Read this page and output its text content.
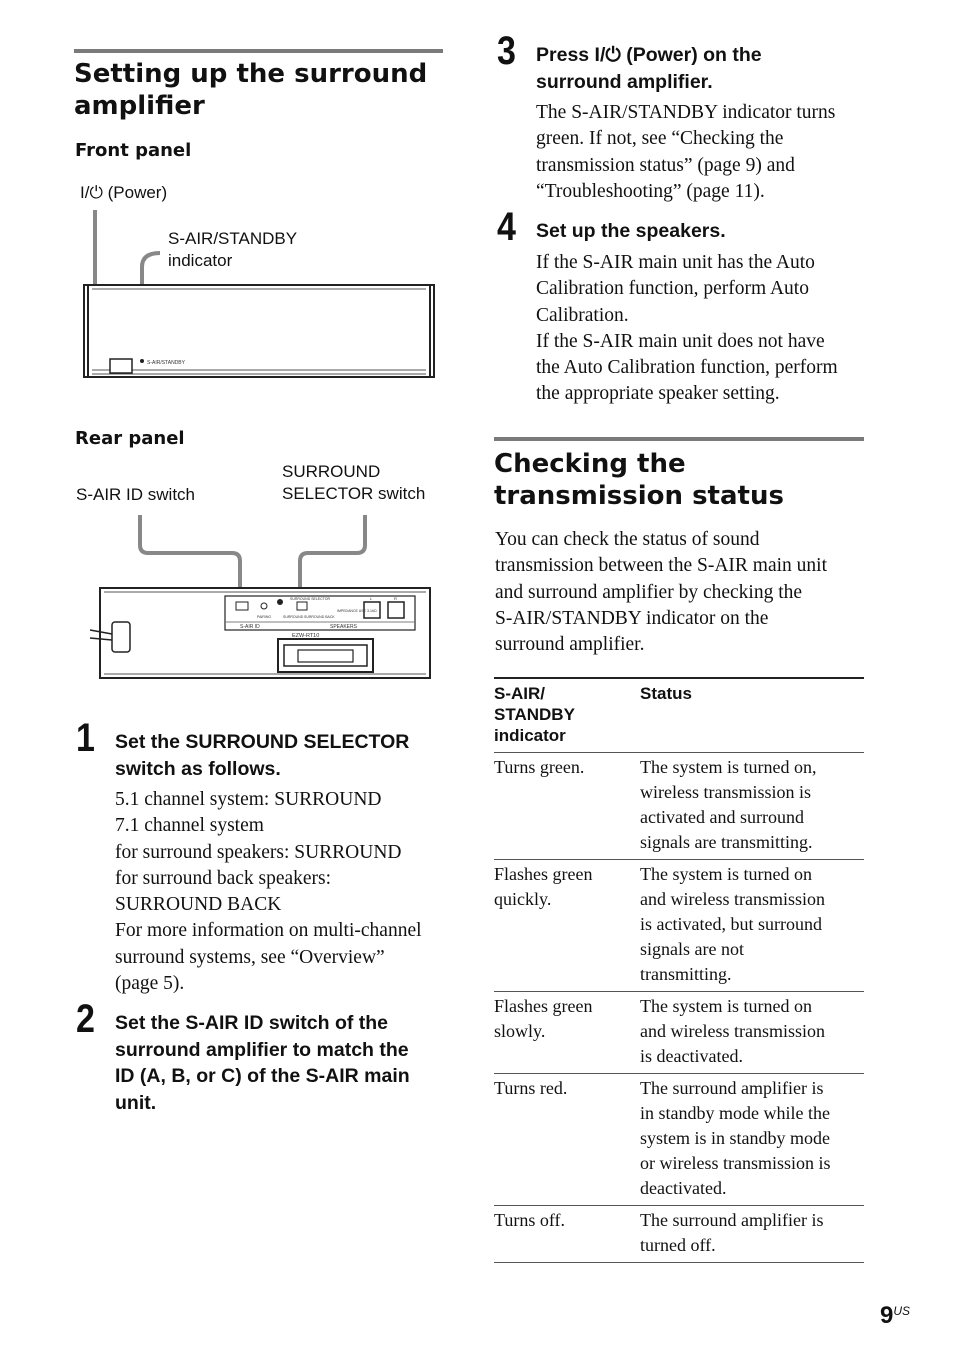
Setting up the surround
amplifier
Front panel
S-AIR/STANDBY
I/⏻ (Power)
S-AIR/STANDBY
indicator
Rear panel
SURROUND
SELECTOR switch
S-AIR ID switch
S-AIR ID	SPEAKERS
SURROUND SELECTOR
PAIRING	SURROUND SURROUND BACK
IMPEDANCE USE 3-16Ω
L	R
EZW-RT10
1 Set the SURROUND SELECTOR
switch as follows.
5.1 channel system: SURROUND
7.1 channel system
for surround speakers: SURROUND
for surround back speakers:
SURROUND BACK
For more information on multi-channel
surround systems, see “Overview”
(page 5).
2 Set the S-AIR ID switch of the
surround amplifier to match the
ID (A, B, or C) of the S-AIR main
unit.
3 Press I/⏻ (Power) on the
surround amplifier.
The S-AIR/STANDBY indicator turns
green. If not, see “Checking the
transmission status” (page 9) and
“Troubleshooting” (page 11).
4 Set up the speakers.
If the S-AIR main unit has the Auto
Calibration function, perform Auto
Calibration.
If the S-AIR main unit does not have
the Auto Calibration function, perform
the appropriate speaker setting.
Checking the
transmission status
You can check the status of sound
transmission between the S-AIR main unit
and surround amplifier by checking the
S-AIR/STANDBY indicator on the
surround amplifier.
S-AIR/
STANDBY
indicator	Status

Turns green.	The system is turned on,
wireless transmission is
activated and surround
signals are transmitting.

Flashes green
quickly.	The system is turned on
and wireless transmission
is activated, but surround
signals are not
transmitting.

Flashes green
slowly.	The system is turned on
and wireless transmission
is deactivated.

Turns red.	The surround amplifier is
in standby mode while the
system is in standby mode
or wireless transmission is
deactivated.

Turns off.	The surround amplifier is
turned off.
$9^{US}$
